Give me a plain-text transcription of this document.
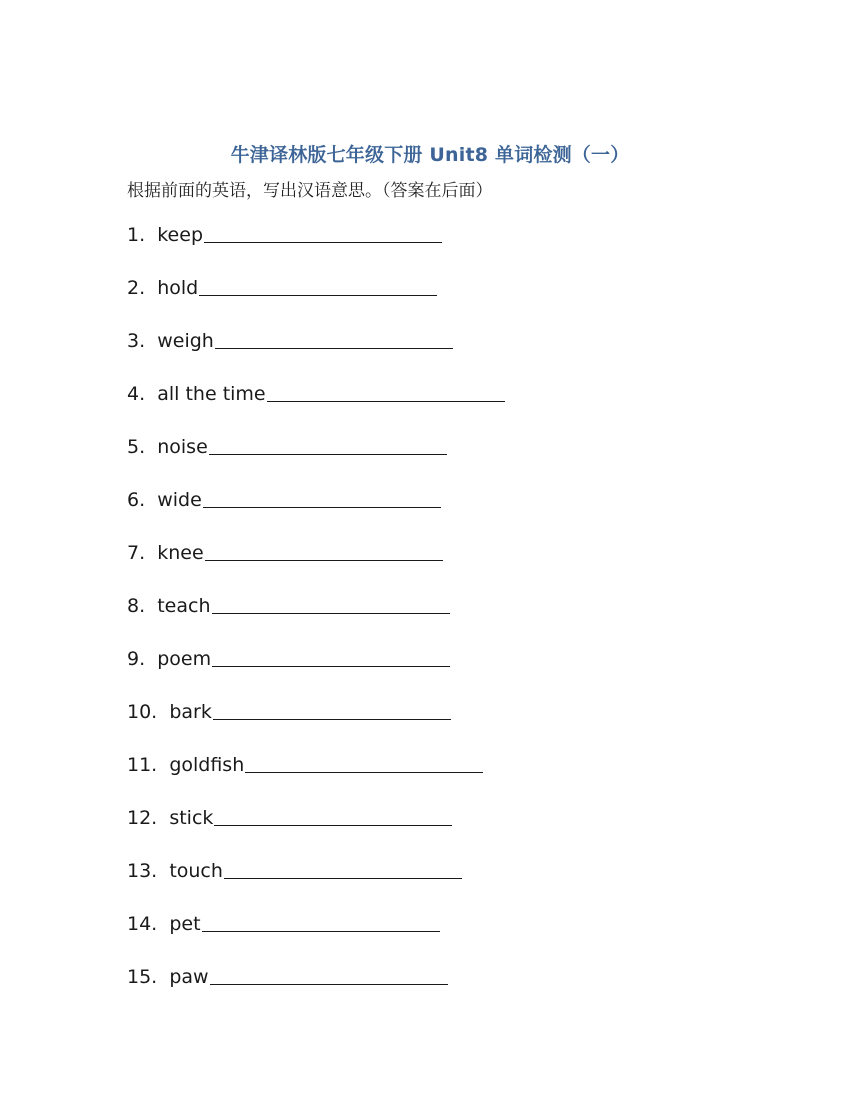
牛津译林版七年级下册 Unit8 单词检测（一）
根据前面的英语，写出汉语意思。（答案在后面）
1.
keep
2.
hold
3.
weigh
4.
all the time
5.
noise
6.
wide
7.
knee
8.
teach
9.
poem
10.
bark
11.
goldfish
12.
stick
13.
touch
14.
pet
15.
paw
